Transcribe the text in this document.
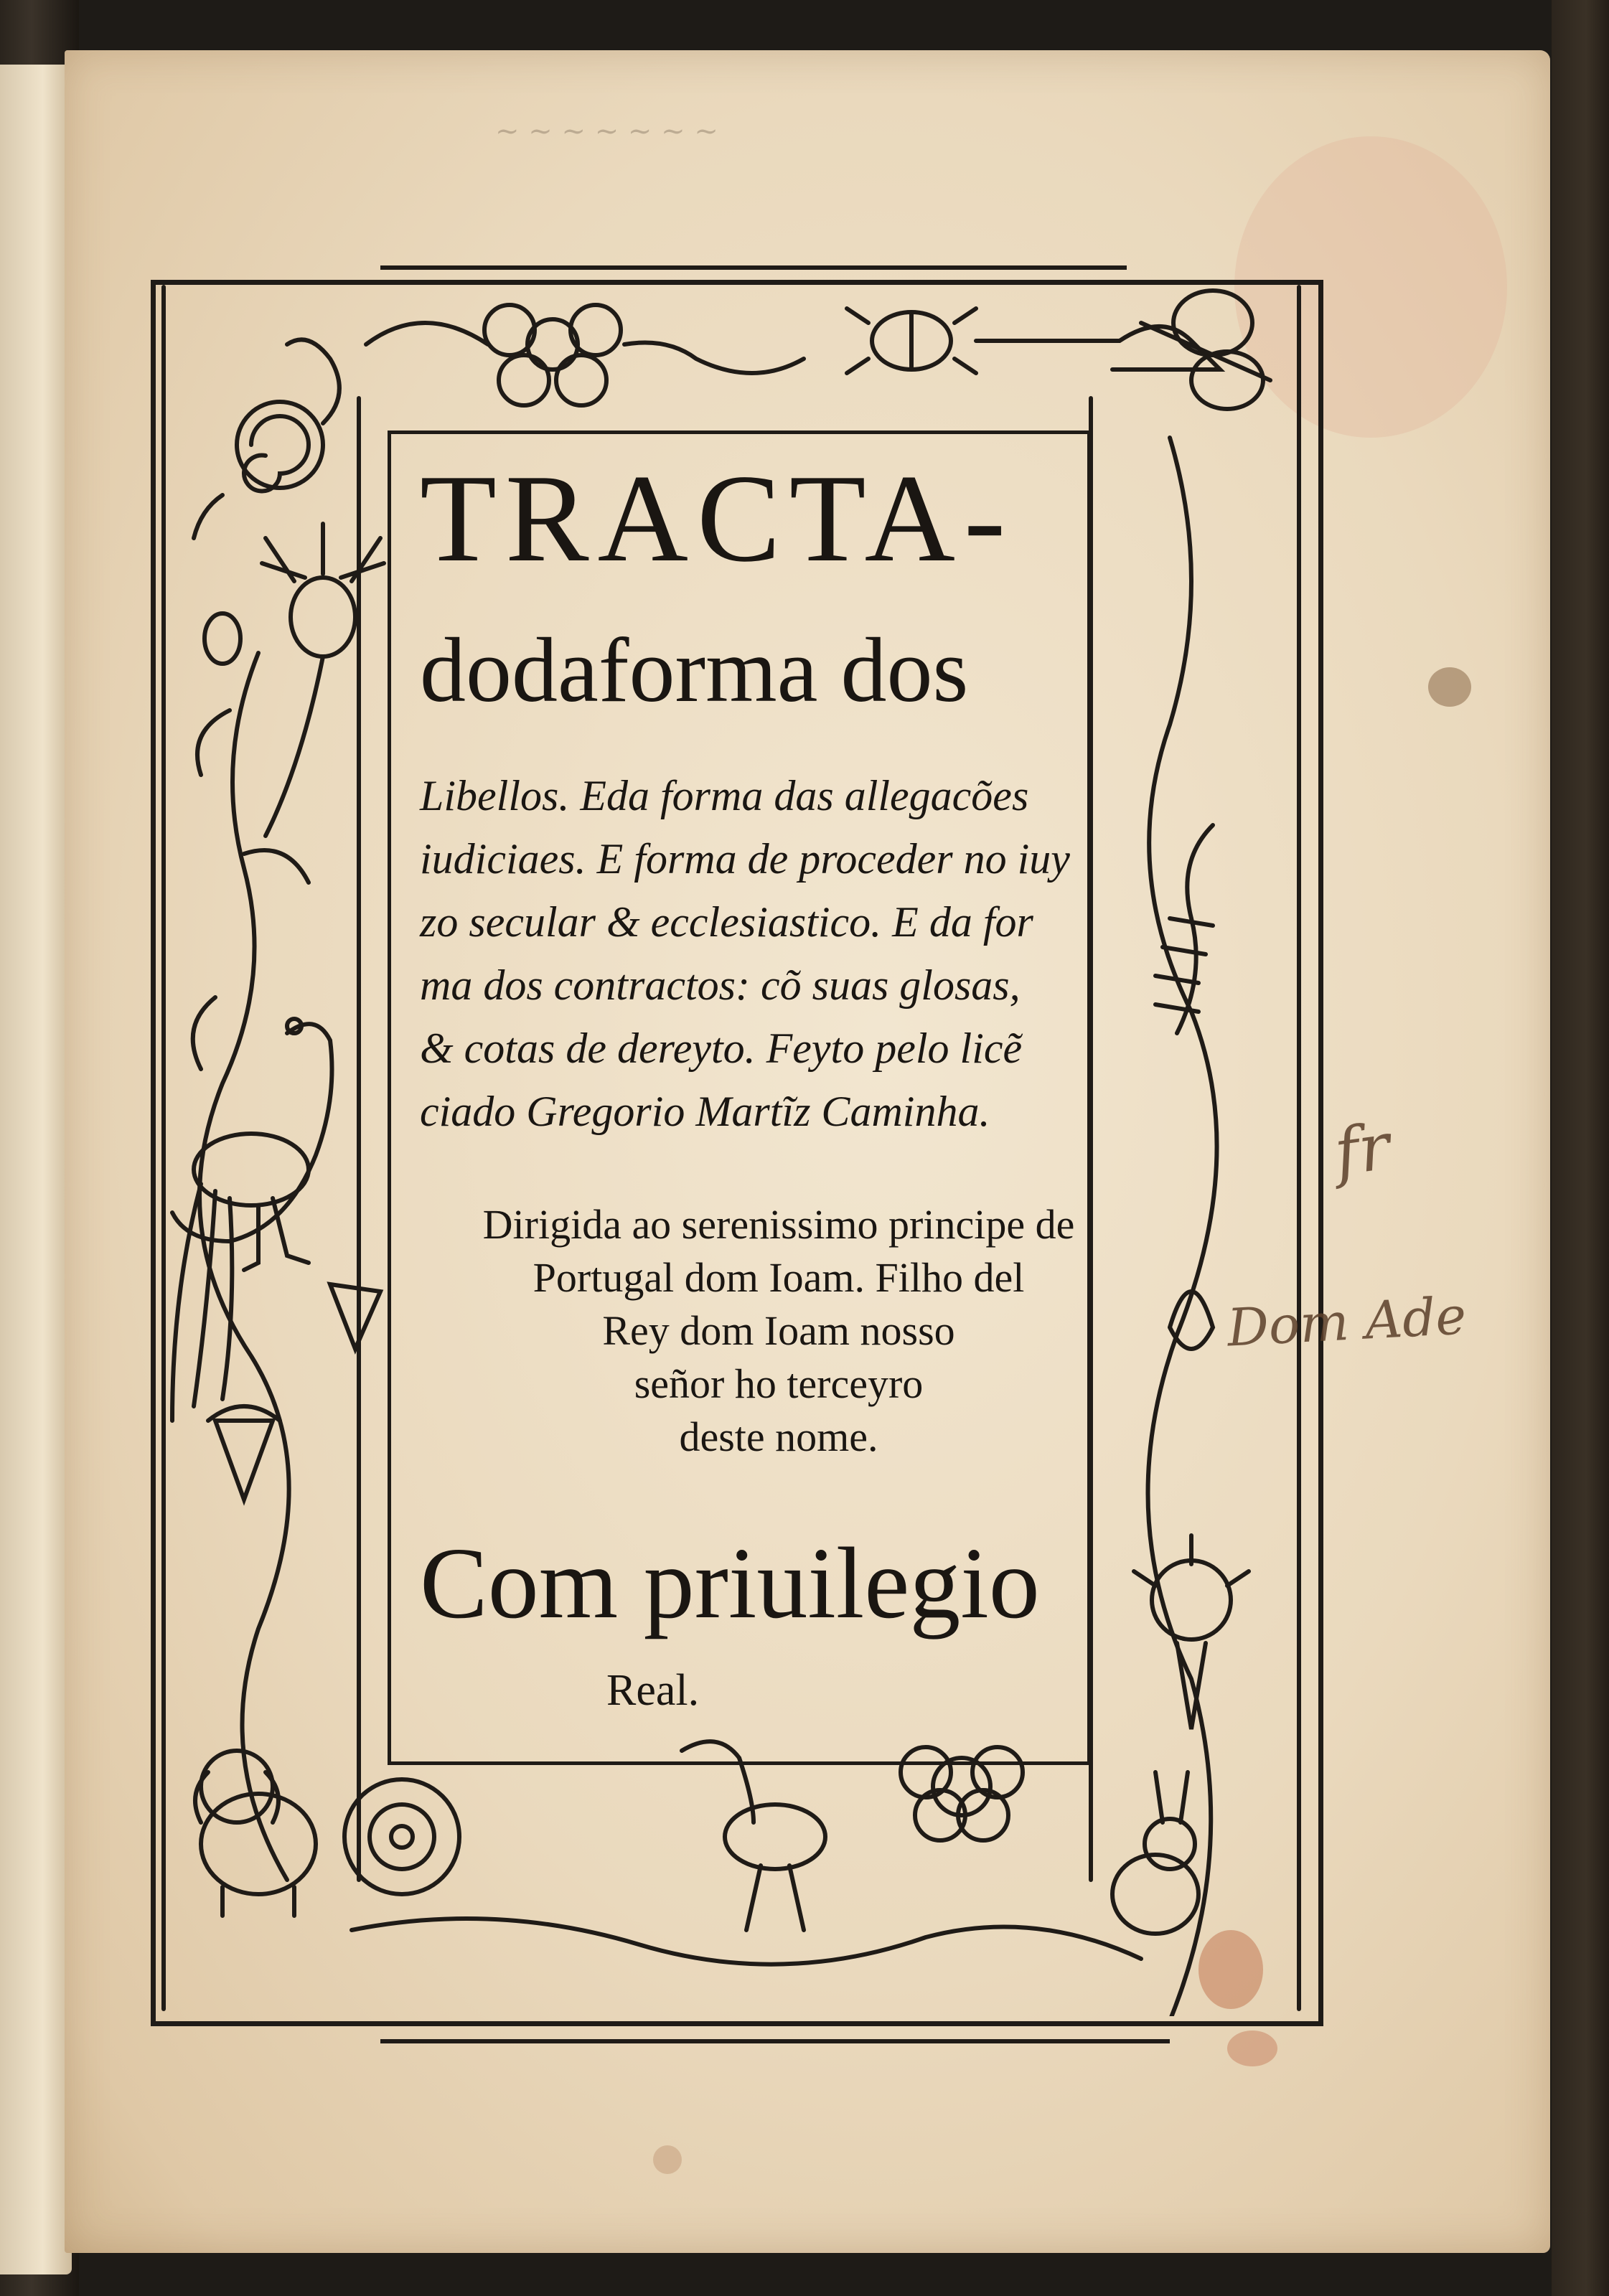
~ ~ ~ ~ ~ ~ ~
TRACTA-
dodaforma dos
Libellos. Eda forma das allegacões
iudiciaes. E forma de proceder no iuy
zo secular & ecclesiastico. E da for
ma dos contractos: cõ suas glosas,
& cotas de dereyto. Feyto pelo licẽ
ciado Gregorio Martĩz Caminha.
Dirigida ao serenissimo principe de
Portugal dom Ioam. Filho del
Rey dom Ioam nosso
señor ho terceyro
deste nome.
Com priuilegio
Real.
fr
Dom Ade
